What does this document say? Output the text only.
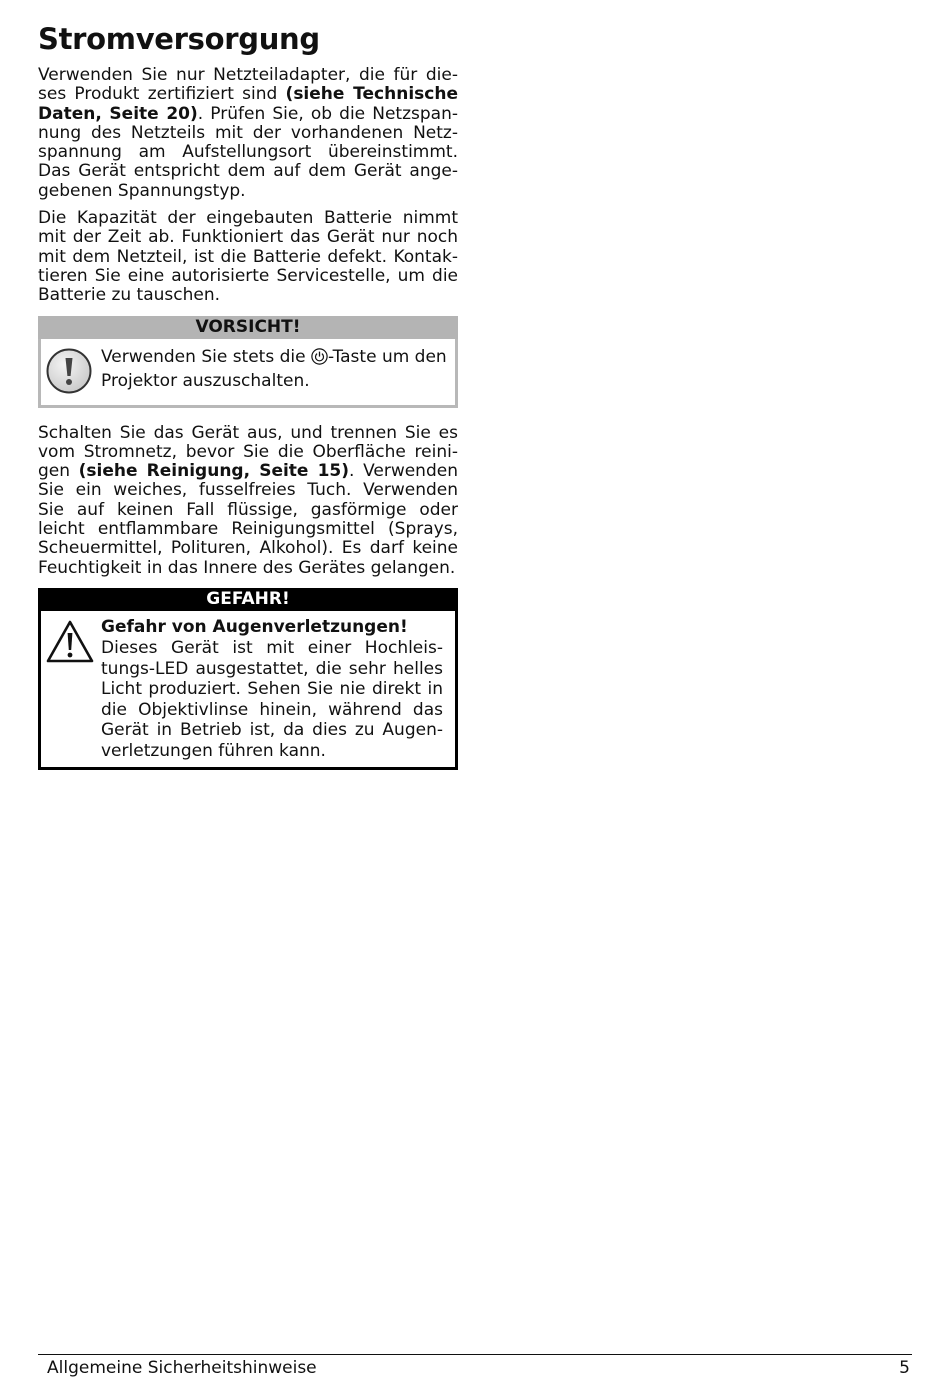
Stromversorgung

Verwenden Sie nur Netzteiladapter, die für dieses Produkt zertifiziert sind (siehe Technische Daten, Seite 20). Prüfen Sie, ob die Netzspannung des Netzteils mit der vorhandenen Netzspannung am Aufstellungsort übereinstimmt. Das Gerät entspricht dem auf dem Gerät angegebenen Spannungstyp.

Die Kapazität der eingebauten Batterie nimmt mit der Zeit ab. Funktioniert das Gerät nur noch mit dem Netzteil, ist die Batterie defekt. Kontaktieren Sie eine autorisierte Servicestelle, um die Batterie zu tauschen.

VORSICHT!
Verwenden Sie stets die -Taste um den Projektor auszuschalten.

Schalten Sie das Gerät aus, und trennen Sie es vom Stromnetz, bevor Sie die Oberfläche reinigen (siehe Reinigung, Seite 15). Verwenden Sie ein weiches, fusselfreies Tuch. Verwenden Sie auf keinen Fall flüssige, gasförmige oder leicht entflammbare Reinigungsmittel (Sprays, Scheuermittel, Polituren, Alkohol). Es darf keine Feuchtigkeit in das Innere des Gerätes gelangen.

GEFAHR!
Gefahr von Augenverletzungen!
Dieses Gerät ist mit einer Hochleistungs-LED ausgestattet, die sehr helles Licht produziert. Sehen Sie nie direkt in die Objektivlinse hinein, während das Gerät in Betrieb ist, da dies zu Augenverletzungen führen kann.
Allgemeine Sicherheitshinweise	5
